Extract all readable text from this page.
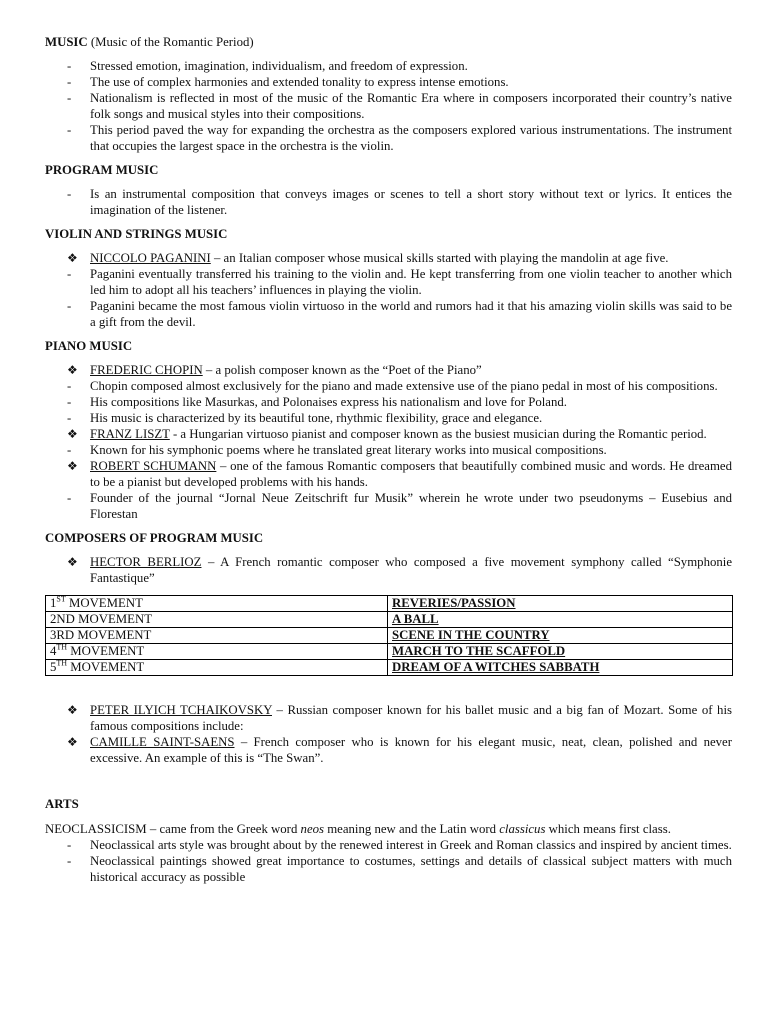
MUSIC (Music of the Romantic Period)

- Stressed emotion, imagination, individualism, and freedom of expression.
- The use of complex harmonies and extended tonality to express intense emotions.
- Nationalism is reflected in most of the music of the Romantic Era where in composers incorporated their country’s native folk songs and musical styles into their compositions.
- This period paved the way for expanding the orchestra as the composers explored various instrumentations. The instrument that occupies the largest space in the orchestra is the violin.

PROGRAM MUSIC

- Is an instrumental composition that conveys images or scenes to tell a short story without text or lyrics. It entices the imagination of the listener.

VIOLIN AND STRINGS MUSIC

❖ NICCOLO PAGANINI – an Italian composer whose musical skills started with playing the mandolin at age five.
- Paganini eventually transferred his training to the violin and. He kept transferring from one violin teacher to another which led him to adopt all his teachers’ influences in playing the violin.
- Paganini became the most famous violin virtuoso in the world and rumors had it that his amazing violin skills was said to be a gift from the devil.

PIANO MUSIC

❖ FREDERIC CHOPIN – a polish composer known as the “Poet of the Piano”
- Chopin composed almost exclusively for the piano and made extensive use of the piano pedal in most of his compositions.
- His compositions like Masurkas, and Polonaises express his nationalism and love for Poland.
- His music is characterized by its beautiful tone, rhythmic flexibility, grace and elegance.
❖ FRANZ LISZT - a Hungarian virtuoso pianist and composer known as the busiest musician during the Romantic period.
- Known for his symphonic poems where he translated great literary works into musical compositions.
❖ ROBERT SCHUMANN – one of the famous Romantic composers that beautifully combined music and words. He dreamed to be a pianist but developed problems with his hands.
- Founder of the journal “Jornal Neue Zeitschrift fur Musik” wherein he wrote under two pseudonyms – Eusebius and Florestan

COMPOSERS OF PROGRAM MUSIC

❖ HECTOR BERLIOZ – A French romantic composer who composed a five movement symphony called “Symphonie Fantastique”
1ST MOVEMENT	REVERIES/PASSION
2ND MOVEMENT	A BALL
3RD MOVEMENT	SCENE IN THE COUNTRY
4TH MOVEMENT	MARCH TO THE SCAFFOLD
5TH MOVEMENT	DREAM OF A WITCHES SABBATH
❖ PETER ILYICH TCHAIKOVSKY – Russian composer known for his ballet music and a big fan of Mozart. Some of his famous compositions include:
❖ CAMILLE SAINT-SAENS – French composer who is known for his elegant music, neat, clean, polished and never excessive. An example of this is “The Swan”.

ARTS

NEOCLASSICISM – came from the Greek word neos meaning new and the Latin word classicus which means first class.

- Neoclassical arts style was brought about by the renewed interest in Greek and Roman classics and inspired by ancient times.
- Neoclassical paintings showed great importance to costumes, settings and details of classical subject matters with much historical accuracy as possible
